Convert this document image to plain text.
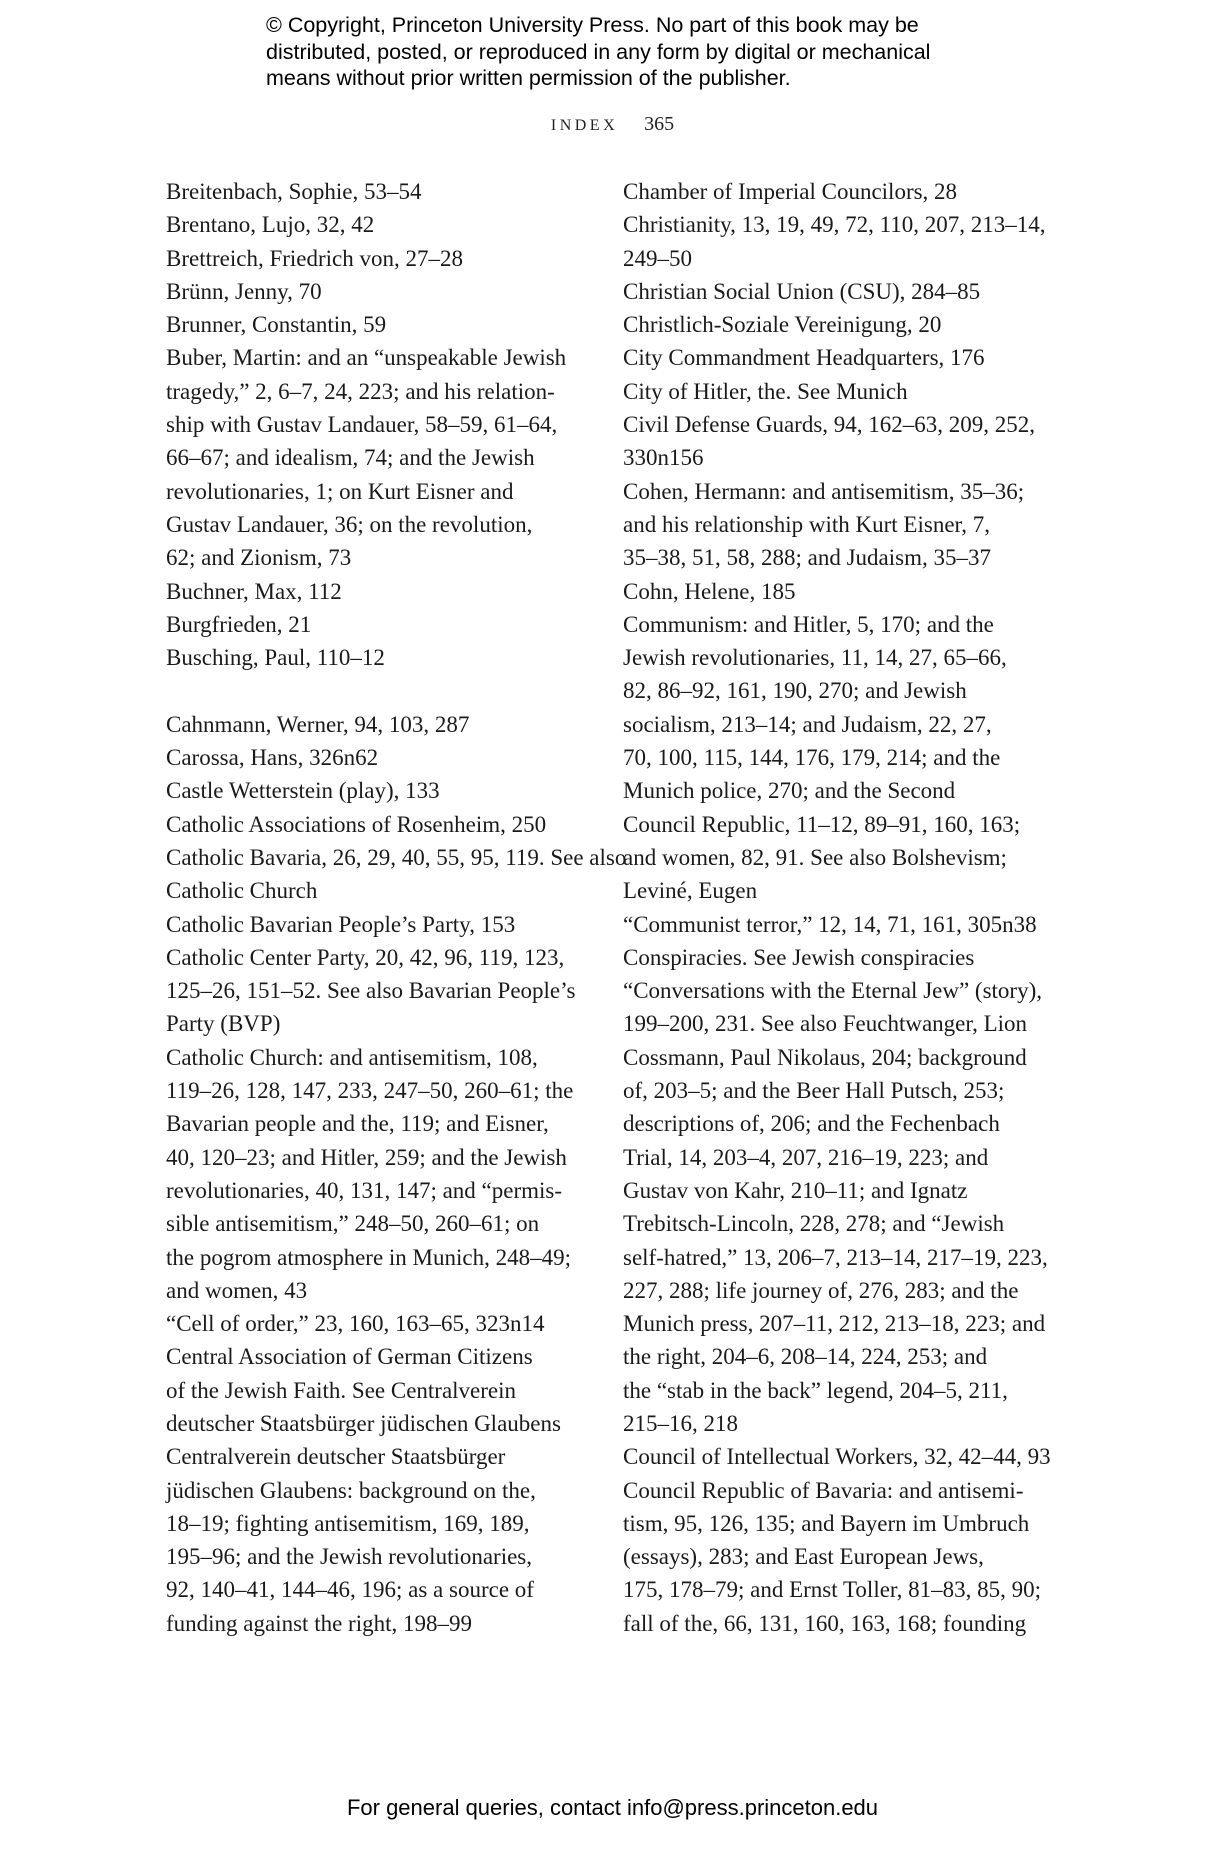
© Copyright, Princeton University Press. No part of this book may be
distributed, posted, or reproduced in any form by digital or mechanical
means without prior written permission of the publisher.
INDEX 365
Breitenbach, Sophie, 53–54
Brentano, Lujo, 32, 42
Brettreich, Friedrich von, 27–28
Brünn, Jenny, 70
Brunner, Constantin, 59
Buber, Martin: and an “unspeakable Jewish
tragedy,” 2, 6–7, 24, 223; and his relation-
ship with Gustav Landauer, 58–59, 61–64,
66–67; and idealism, 74; and the Jewish
revolutionaries, 1; on Kurt Eisner and
Gustav Landauer, 36; on the revolution,
62; and Zionism, 73
Buchner, Max, 112
Burgfrieden, 21
Busching, Paul, 110–12
Cahnmann, Werner, 94, 103, 287
Carossa, Hans, 326n62
Castle Wetterstein (play), 133
Catholic Associations of Rosenheim, 250
Catholic Bavaria, 26, 29, 40, 55, 95, 119. See also
Catholic Church
Catholic Bavarian People’s Party, 153
Catholic Center Party, 20, 42, 96, 119, 123,
125–26, 151–52. See also Bavarian People’s
Party (BVP)
Catholic Church: and antisemitism, 108,
119–26, 128, 147, 233, 247–50, 260–61; the
Bavarian people and the, 119; and Eisner,
40, 120–23; and Hitler, 259; and the Jewish
revolutionaries, 40, 131, 147; and “permis-
sible antisemitism,” 248–50, 260–61; on
the pogrom atmosphere in Munich, 248–49;
and women, 43
“Cell of order,” 23, 160, 163–65, 323n14
Central Association of German Citizens
of the Jewish Faith. See Centralverein
deutscher Staatsbürger jüdischen Glaubens
Centralverein deutscher Staatsbürger
jüdischen Glaubens: background on the,
18–19; fighting antisemitism, 169, 189,
195–96; and the Jewish revolutionaries,
92, 140–41, 144–46, 196; as a source of
funding against the right, 198–99
Chamber of Imperial Councilors, 28
Christianity, 13, 19, 49, 72, 110, 207, 213–14,
249–50
Christian Social Union (CSU), 284–85
Christlich-Soziale Vereinigung, 20
City Commandment Headquarters, 176
City of Hitler, the. See Munich
Civil Defense Guards, 94, 162–63, 209, 252,
330n156
Cohen, Hermann: and antisemitism, 35–36;
and his relationship with Kurt Eisner, 7,
35–38, 51, 58, 288; and Judaism, 35–37
Cohn, Helene, 185
Communism: and Hitler, 5, 170; and the
Jewish revolutionaries, 11, 14, 27, 65–66,
82, 86–92, 161, 190, 270; and Jewish
socialism, 213–14; and Judaism, 22, 27,
70, 100, 115, 144, 176, 179, 214; and the
Munich police, 270; and the Second
Council Republic, 11–12, 89–91, 160, 163;
and women, 82, 91. See also Bolshevism;
Leviné, Eugen
“Communist terror,” 12, 14, 71, 161, 305n38
Conspiracies. See Jewish conspiracies
“Conversations with the Eternal Jew” (story),
199–200, 231. See also Feuchtwanger, Lion
Cossmann, Paul Nikolaus, 204; background
of, 203–5; and the Beer Hall Putsch, 253;
descriptions of, 206; and the Fechenbach
Trial, 14, 203–4, 207, 216–19, 223; and
Gustav von Kahr, 210–11; and Ignatz
Trebitsch-Lincoln, 228, 278; and “Jewish
self-hatred,” 13, 206–7, 213–14, 217–19, 223,
227, 288; life journey of, 276, 283; and the
Munich press, 207–11, 212, 213–18, 223; and
the right, 204–6, 208–14, 224, 253; and
the “stab in the back” legend, 204–5, 211,
215–16, 218
Council of Intellectual Workers, 32, 42–44, 93
Council Republic of Bavaria: and antisemi-
tism, 95, 126, 135; and Bayern im Umbruch
(essays), 283; and East European Jews,
175, 178–79; and Ernst Toller, 81–83, 85, 90;
fall of the, 66, 131, 160, 163, 168; founding
For general queries, contact info@press.princeton.edu
